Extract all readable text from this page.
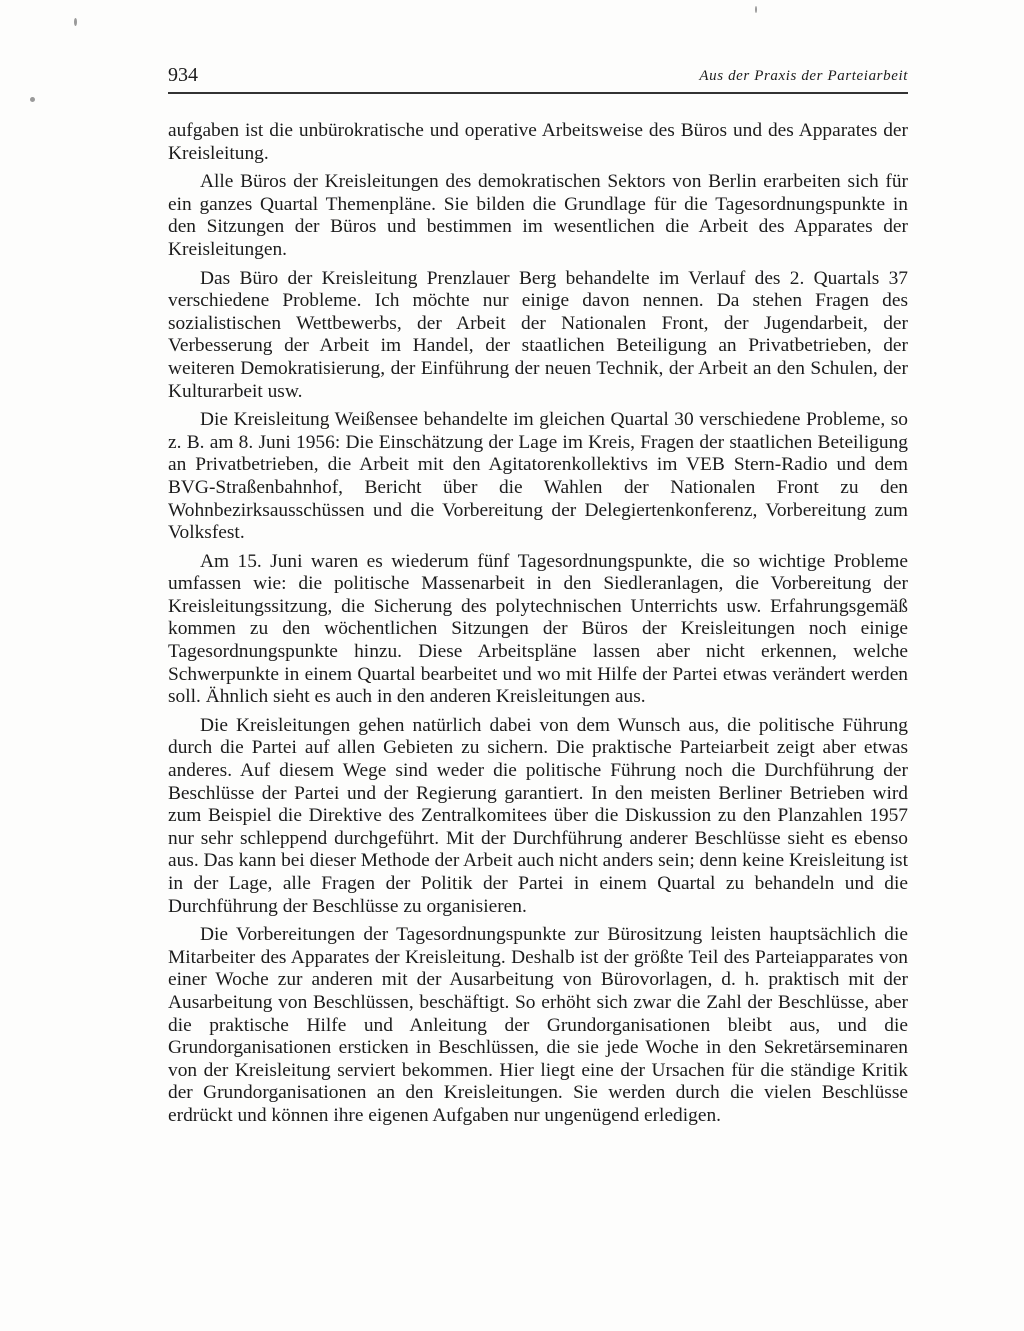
934	Aus der Praxis der Parteiarbeit

aufgaben ist die unbürokratische und operative Arbeitsweise des Büros und des Apparates der Kreisleitung.

Alle Büros der Kreisleitungen des demokratischen Sektors von Berlin erarbeiten sich für ein ganzes Quartal Themenpläne. Sie bilden die Grundlage für die Tagesordnungspunkte in den Sitzungen der Büros und bestimmen im wesentlichen die Arbeit des Apparates der Kreisleitungen.

Das Büro der Kreisleitung Prenzlauer Berg behandelte im Verlauf des 2. Quartals 37 verschiedene Probleme. Ich möchte nur einige davon nennen. Da stehen Fragen des sozialistischen Wettbewerbs, der Arbeit der Nationalen Front, der Jugendarbeit, der Verbesserung der Arbeit im Handel, der staatlichen Beteiligung an Privatbetrieben, der weiteren Demokratisierung, der Einführung der neuen Technik, der Arbeit an den Schulen, der Kulturarbeit usw.

Die Kreisleitung Weißensee behandelte im gleichen Quartal 30 verschiedene Probleme, so z. B. am 8. Juni 1956: Die Einschätzung der Lage im Kreis, Fragen der staatlichen Beteiligung an Privatbetrieben, die Arbeit mit den Agitatorenkollektivs im VEB Stern-Radio und dem BVG-Straßenbahnhof, Bericht über die Wahlen der Nationalen Front zu den Wohnbezirksausschüssen und die Vorbereitung der Delegiertenkonferenz, Vorbereitung zum Volksfest.

Am 15. Juni waren es wiederum fünf Tagesordnungspunkte, die so wichtige Probleme umfassen wie: die politische Massenarbeit in den Siedleranlagen, die Vorbereitung der Kreisleitungssitzung, die Sicherung des polytechnischen Unterrichts usw. Erfahrungsgemäß kommen zu den wöchentlichen Sitzungen der Büros der Kreisleitungen noch einige Tagesordnungspunkte hinzu. Diese Arbeitspläne lassen aber nicht erkennen, welche Schwerpunkte in einem Quartal bearbeitet und wo mit Hilfe der Partei etwas verändert werden soll. Ähnlich sieht es auch in den anderen Kreisleitungen aus.

Die Kreisleitungen gehen natürlich dabei von dem Wunsch aus, die politische Führung durch die Partei auf allen Gebieten zu sichern. Die praktische Parteiarbeit zeigt aber etwas anderes. Auf diesem Wege sind weder die politische Führung noch die Durchführung der Beschlüsse der Partei und der Regierung garantiert. In den meisten Berliner Betrieben wird zum Beispiel die Direktive des Zentralkomitees über die Diskussion zu den Planzahlen 1957 nur sehr schleppend durchgeführt. Mit der Durchführung anderer Beschlüsse sieht es ebenso aus. Das kann bei dieser Methode der Arbeit auch nicht anders sein; denn keine Kreisleitung ist in der Lage, alle Fragen der Politik der Partei in einem Quartal zu behandeln und die Durchführung der Beschlüsse zu organisieren.

Die Vorbereitungen der Tagesordnungspunkte zur Bürositzung leisten hauptsächlich die Mitarbeiter des Apparates der Kreisleitung. Deshalb ist der größte Teil des Parteiapparates von einer Woche zur anderen mit der Ausarbeitung von Bürovorlagen, d. h. praktisch mit der Ausarbeitung von Beschlüssen, beschäftigt. So erhöht sich zwar die Zahl der Beschlüsse, aber die praktische Hilfe und Anleitung der Grundorganisationen bleibt aus, und die Grundorganisationen ersticken in Beschlüssen, die sie jede Woche in den Sekretärseminaren von der Kreisleitung serviert bekommen. Hier liegt eine der Ursachen für die ständige Kritik der Grundorganisationen an den Kreisleitungen. Sie werden durch die vielen Beschlüsse erdrückt und können ihre eigenen Aufgaben nur ungenügend erledigen.
